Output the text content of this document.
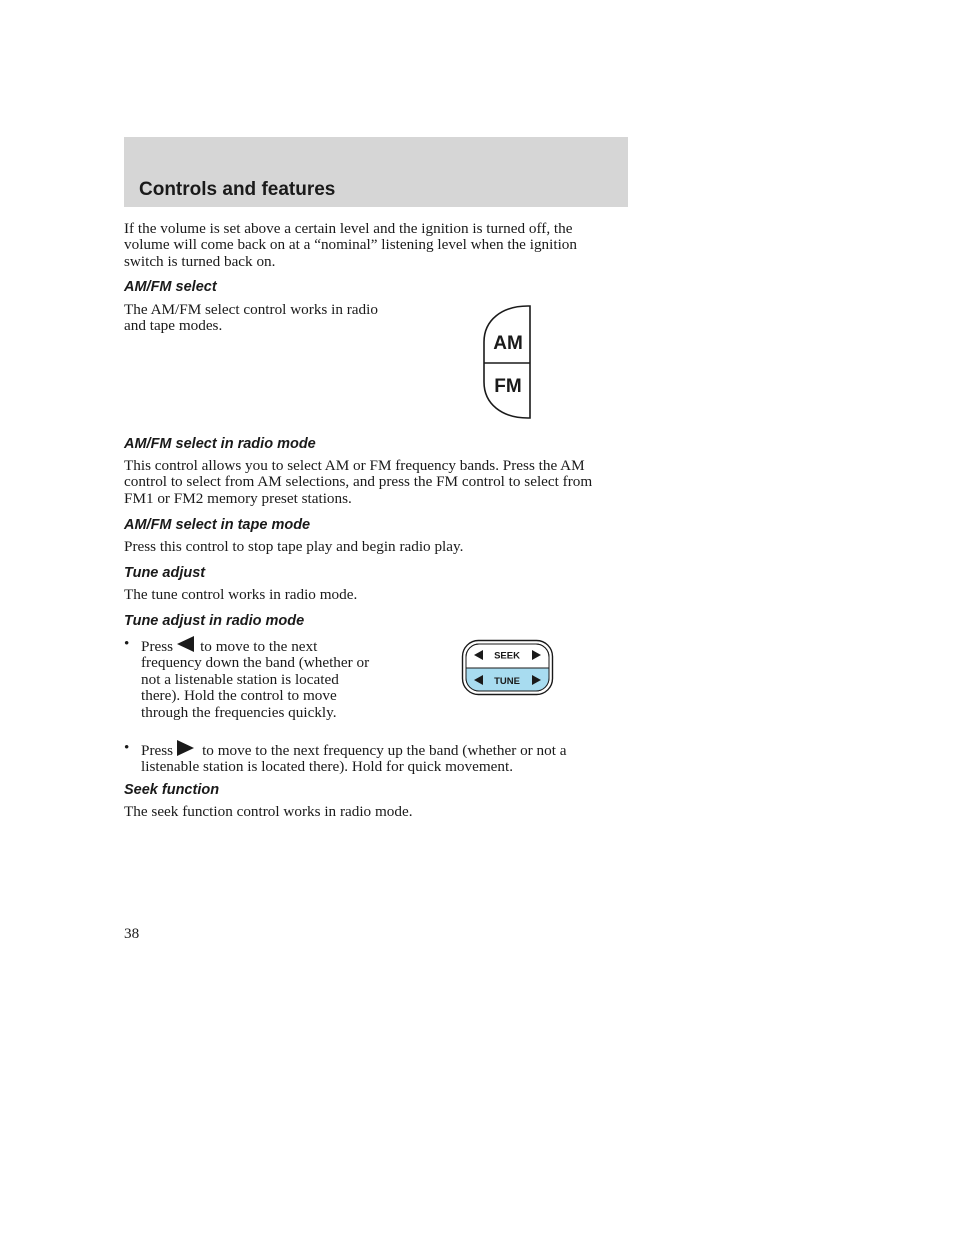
Controls and features

If the volume is set above a certain level and the ignition is turned off, the volume will come back on at a “nominal” listening level when the ignition switch is turned back on.

AM/FM select

The AM/FM select control works in radio and tape modes.

AM
FM

AM/FM select in radio mode

This control allows you to select AM or FM frequency bands. Press the AM control to select from AM selections, and press the FM control to select from FM1 or FM2 memory preset stations.

AM/FM select in tape mode

Press this control to stop tape play and begin radio play.

Tune adjust

The tune control works in radio mode.

Tune adjust in radio mode

• Press to move to the next frequency down the band (whether or not a listenable station is located there). Hold the control to move through the frequencies quickly.
SEEK
TUNE
• Press to move to the next frequency up the band (whether or not a listenable station is located there). Hold for quick movement.

Seek function

The seek function control works in radio mode.

38
